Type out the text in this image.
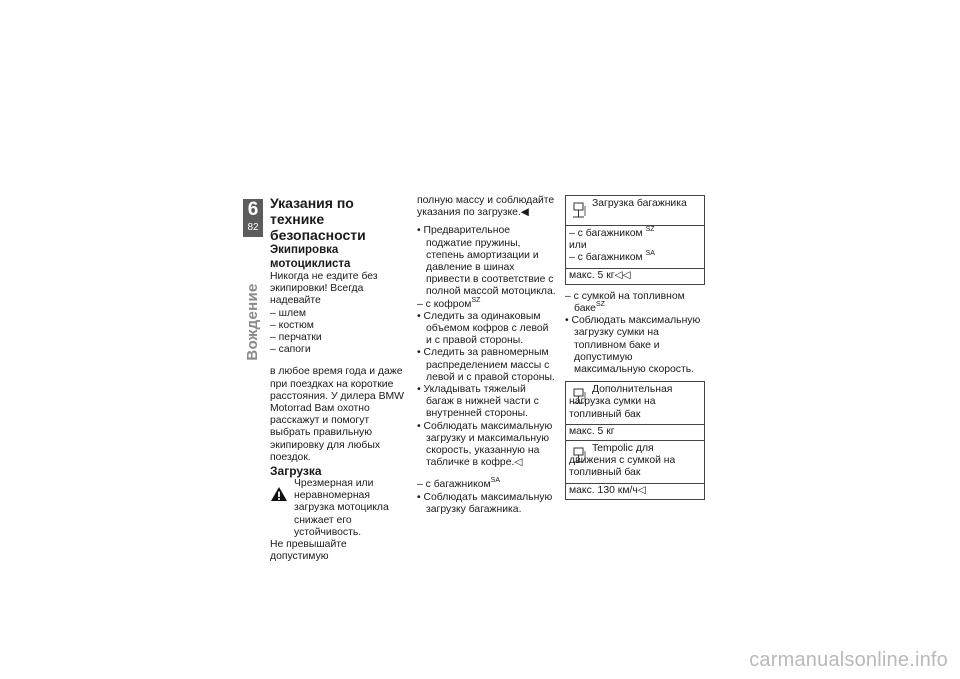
6
82
Вождение

Указания по технике безопасности

Экипировка мотоциклиста

Никогда не ездите без экипировки! Всегда надевайте

– шлем

– костюм

– перчатки

– сапоги

в любое время года и даже при поездках на короткие расстояния. У дилера BMW Motorrad Вам охотно расскажут и помогут выбрать правильную экипировку для любых поездок.

Загрузка

Чрезмерная или неравномерная загрузка мотоцикла снижает его устойчивость.

Не превышайте допустимую

полную массу и соблюдайте указания по загрузке.◀

• Предварительное поджатие пружины, степень амортизации и давление в шинах привести в соответствие с полной массой мотоцикла.

– с кофром$^{SZ}$

• Следить за одинаковым объемом кофров с левой и с правой стороны.

• Следить за равномерным распределением массы с левой и с правой стороны.

• Укладывать тяжелый багаж в нижней части с внутренней стороны.

• Соблюдать максимальную загрузку и максимальную скорость, указанную на табличке в кофре.◁

– с багажником$^{SA}$

• Соблюдать максимальную загрузку багажника.

Загрузка багажника

– с багажником $^{SZ}$

или

– с багажником $^{SA}$

макс. 5 кг◁◁

– с сумкой на топливном баке$^{SZ}$

• Соблюдать максимальную загрузку сумки на топливном баке и допустимую максимальную скорость.

Дополнительная нагрузка сумки на топливный бак
макс. 5 кг
Tempolic для движения с сумкой на топливный бак
макс. 130 км/ч◁
carmanualsonline.info
